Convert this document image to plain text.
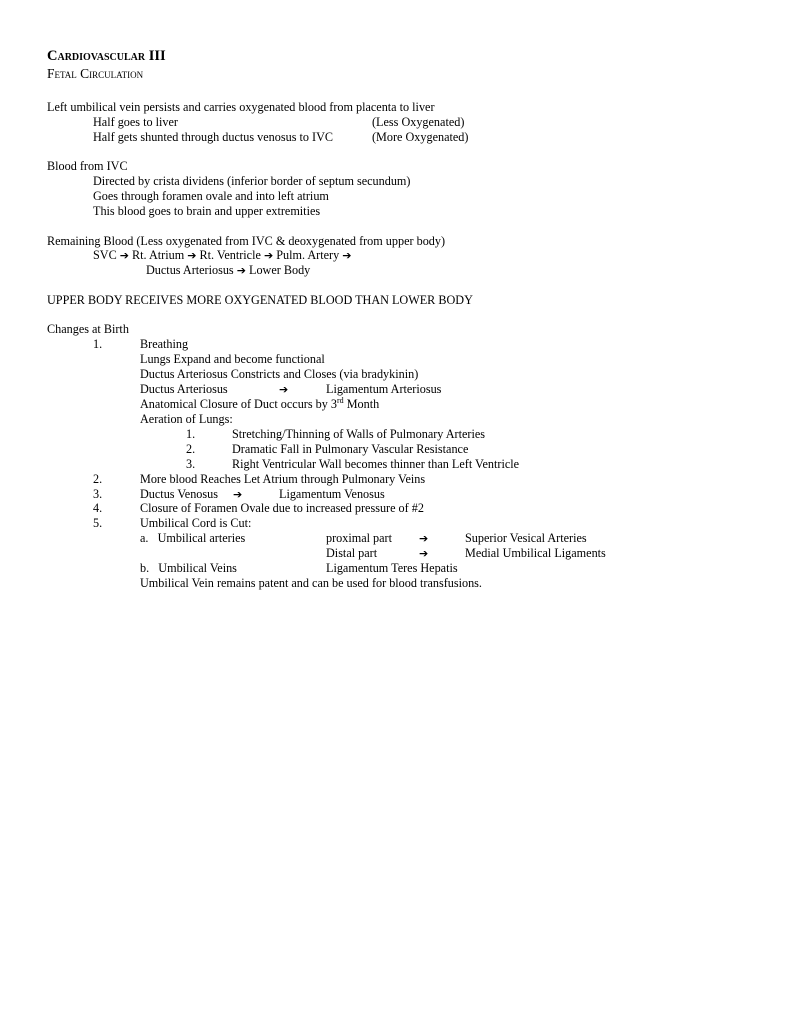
Cardiovascular III
Fetal Circulation
Left umbilical vein persists and carries oxygenated blood from placenta to liver
Half goes to liver	(Less Oxygenated)
Half gets shunted through ductus venosus to IVC	(More Oxygenated)
Blood from IVC
Directed by crista dividens (inferior border of septum secundum)
Goes through foramen ovale and into left atrium
This blood goes to brain and upper extremities
Remaining Blood (Less oxygenated from IVC & deoxygenated from upper body)
SVC ➔ Rt. Atrium ➔ Rt. Ventricle ➔ Pulm. Artery ➔
Ductus Arteriosus ➔ Lower Body
UPPER BODY RECEIVES MORE OXYGENATED BLOOD THAN LOWER BODY
Changes at Birth
1.	Breathing
Lungs Expand and become functional
Ductus Arteriosus Constricts and Closes (via bradykinin)
Ductus Arteriosus	➔	Ligamentum Arteriosus
Anatomical Closure of Duct occurs by 3rd Month
Aeration of Lungs:
1.	Stretching/Thinning of Walls of Pulmonary Arteries
2.	Dramatic Fall in Pulmonary Vascular Resistance
3.	Right Ventricular Wall becomes thinner than Left Ventricle
2.	More blood Reaches Let Atrium through Pulmonary Veins
3.	Ductus Venosus ➔	Ligamentum Venosus
4.	Closure of Foramen Ovale due to increased pressure of #2
5.	Umbilical Cord is Cut:
a.   Umbilical arteries	proximal part ➔	Superior Vesical Arteries
Distal part	➔	Medial Umbilical Ligaments
b.   Umbilical Veins	Ligamentum Teres Hepatis
Umbilical Vein remains patent and can be used for blood transfusions.
